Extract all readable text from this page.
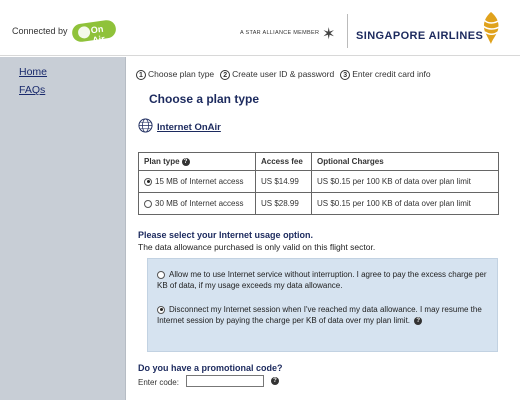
Connected by On Air
A STAR ALLIANCE MEMBER ✶	SINGAPORE AIRLINES
Home
FAQs
1 Choose plan type	2 Create user ID & password	3 Enter credit card info
Choose a plan type
Internet OnAir
Plan type ?	Access fee	Optional Charges
15 MB of Internet access	US $14.99	US $0.15 per 100 KB of data over plan limit
30 MB of Internet access	US $28.99	US $0.15 per 100 KB of data over plan limit
Please select your Internet usage option.
The data allowance purchased is only valid on this flight sector.
Allow me to use Internet service without interruption. I agree to pay the excess charge per KB of data, if my usage exceeds my data allowance.
Disconnect my Internet session when I've reached my data allowance. I may resume the Internet session by paying the charge per KB of data over my plan limit. ?
Do you have a promotional code?
Enter code:	?
